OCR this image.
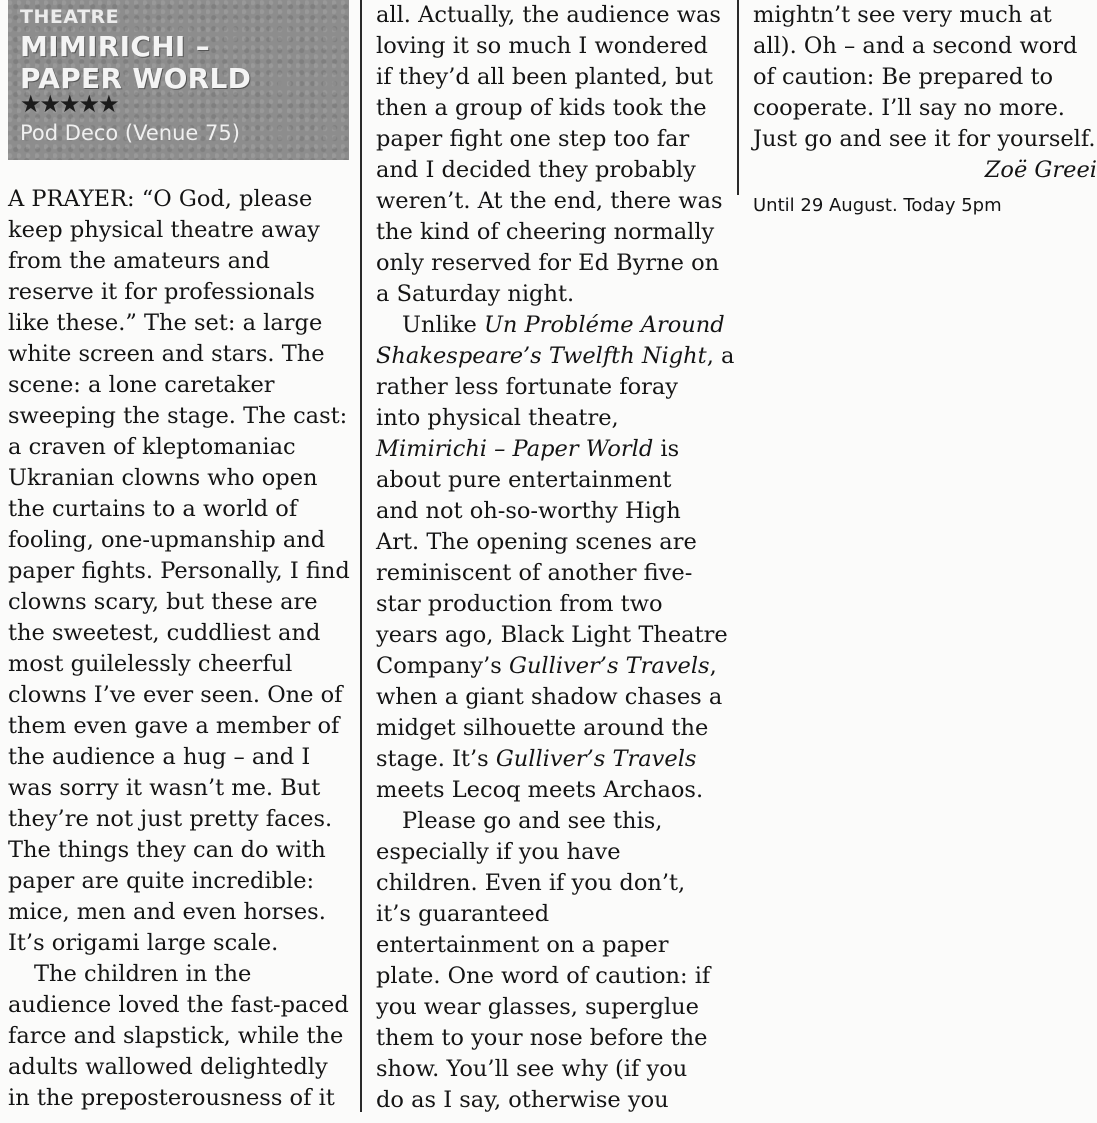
THEATRE
MIMIRICHI –
PAPER WORLD
★★★★★
Pod Deco (Venue 75)
A PRAYER: “O God, please
keep physical theatre away
from the amateurs and
reserve it for professionals
like these.” The set: a large
white screen and stars. The
scene: a lone caretaker
sweeping the stage. The cast:
a craven of kleptomaniac
Ukranian clowns who open
the curtains to a world of
fooling, one-upmanship and
paper fights. Personally, I find
clowns scary, but these are
the sweetest, cuddliest and
most guilelessly cheerful
clowns I’ve ever seen. One of
them even gave a member of
the audience a hug – and I
was sorry it wasn’t me. But
they’re not just pretty faces.
The things they can do with
paper are quite incredible:
mice, men and even horses.
It’s origami large scale.
The children in the
audience loved the fast-paced
farce and slapstick, while the
adults wallowed delightedly
in the preposterousness of it
all. Actually, the audience was
loving it so much I wondered
if they’d all been planted, but
then a group of kids took the
paper fight one step too far
and I decided they probably
weren’t. At the end, there was
the kind of cheering normally
only reserved for Ed Byrne on
a Saturday night.
Unlike Un Probléme Around
Shakespeare’s Twelfth Night, a
rather less fortunate foray
into physical theatre,
Mimirichi – Paper World is
about pure entertainment
and not oh-so-worthy High
Art. The opening scenes are
reminiscent of another five-
star production from two
years ago, Black Light Theatre
Company’s Gulliver’s Travels,
when a giant shadow chases a
midget silhouette around the
stage. It’s Gulliver’s Travels
meets Lecoq meets Archaos.
Please go and see this,
especially if you have
children. Even if you don’t,
it’s guaranteed
entertainment on a paper
plate. One word of caution: if
you wear glasses, superglue
them to your nose before the
show. You’ll see why (if you
do as I say, otherwise you
mightn’t see very much at
all). Oh – and a second word
of caution: Be prepared to
cooperate. I’ll say no more.
Just go and see it for yourself.
Zoë Greei
Until 29 August. Today 5pm
